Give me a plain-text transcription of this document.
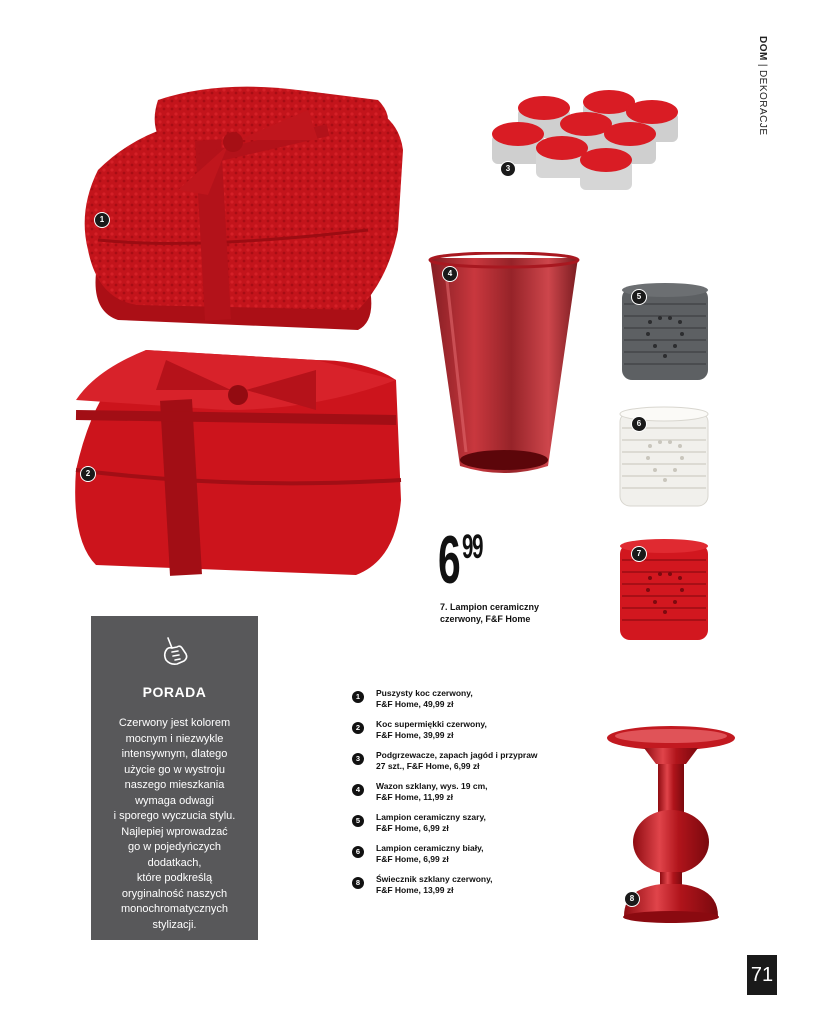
DOM|DEKORACJE
1
2
3
4
5
6
7
8
6 99
7. Lampion ceramiczny
czerwony, F&F Home
PORADA
Czerwony jest kolorem
mocnym i niezwykle
intensywnym, dlatego
użycie go w wystroju
naszego mieszkania
wymaga odwagi
i sporego wyczucia stylu.
Najlepiej wprowadzać
go w pojedyńczych
dodatkach,
które podkreślą
oryginalność naszych
monochromatycznych
stylizacji.
1	Puszysty koc czerwony,
F&F Home, 49,99 zł
2	Koc supermiękki czerwony,
F&F Home, 39,99 zł
3	Podgrzewacze, zapach jagód i przypraw
27 szt., F&F Home, 6,99 zł
4	Wazon szklany, wys. 19 cm,
F&F Home, 11,99 zł
5	Lampion ceramiczny szary,
F&F Home, 6,99 zł
6	Lampion ceramiczny biały,
F&F Home, 6,99 zł
8	Świecznik szklany czerwony,
F&F Home, 13,99 zł
71
